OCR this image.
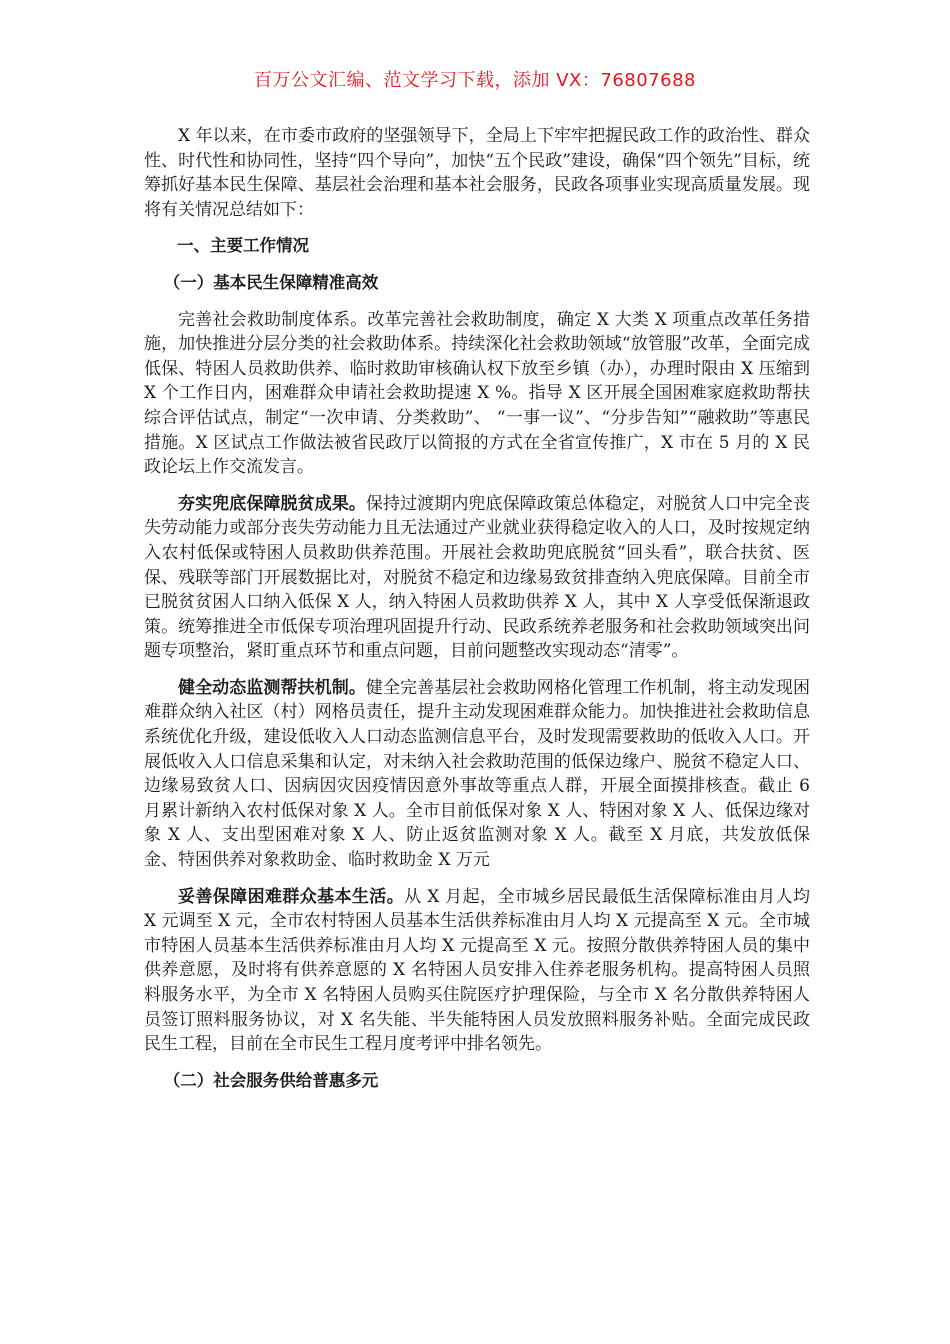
百万公文汇编、范文学习下载，添加 VX：76807688

X 年以来，在市委市政府的坚强领导下，全局上下牢牢把握民政工作的政治性、群众性、时代性和协同性，坚持“四个导向”，加快“五个民政”建设，确保“四个领先”目标，统筹抓好基本民生保障、基层社会治理和基本社会服务，民政各项事业实现高质量发展。现将有关情况总结如下：

一、主要工作情况

（一）基本民生保障精准高效

完善社会救助制度体系。改革完善社会救助制度，确定 X 大类 X 项重点改革任务措施，加快推进分层分类的社会救助体系。持续深化社会救助领域“放管服”改革，全面完成低保、特困人员救助供养、临时救助审核确认权下放至乡镇（办），办理时限由 X 压缩到 X 个工作日内，困难群众申请社会救助提速 X %。指导 X 区开展全国困难家庭救助帮扶综合评估试点，制定“一次申请、分类救助”、 “一事一议”、“分步告知”“融救助”等惠民措施。X 区试点工作做法被省民政厅以简报的方式在全省宣传推广，X 市在 5 月的 X 民政论坛上作交流发言。

夯实兜底保障脱贫成果。保持过渡期内兜底保障政策总体稳定，对脱贫人口中完全丧失劳动能力或部分丧失劳动能力且无法通过产业就业获得稳定收入的人口，及时按规定纳入农村低保或特困人员救助供养范围。开展社会救助兜底脱贫“回头看”，联合扶贫、医保、残联等部门开展数据比对，对脱贫不稳定和边缘易致贫排查纳入兜底保障。目前全市已脱贫贫困人口纳入低保 X 人，纳入特困人员救助供养 X 人，其中 X 人享受低保渐退政策。统筹推进全市低保专项治理巩固提升行动、民政系统养老服务和社会救助领域突出问题专项整治，紧盯重点环节和重点问题，目前问题整改实现动态“清零”。

健全动态监测帮扶机制。健全完善基层社会救助网格化管理工作机制，将主动发现困难群众纳入社区（村）网格员责任，提升主动发现困难群众能力。加快推进社会救助信息系统优化升级，建设低收入人口动态监测信息平台，及时发现需要救助的低收入人口。开展低收入人口信息采集和认定，对未纳入社会救助范围的低保边缘户、脱贫不稳定人口、边缘易致贫人口、因病因灾因疫情因意外事故等重点人群，开展全面摸排核查。截止 6 月累计新纳入农村低保对象 X 人。全市目前低保对象 X 人、特困对象 X 人、低保边缘对象 X 人、支出型困难对象 X 人、防止返贫监测对象 X 人。截至 X 月底，共发放低保金、特困供养对象救助金、临时救助金 X 万元

妥善保障困难群众基本生活。从 X 月起，全市城乡居民最低生活保障标准由月人均 X 元调至 X 元，全市农村特困人员基本生活供养标准由月人均 X 元提高至 X 元。全市城市特困人员基本生活供养标准由月人均 X 元提高至 X 元。按照分散供养特困人员的集中供养意愿，及时将有供养意愿的 X 名特困人员安排入住养老服务机构。提高特困人员照料服务水平，为全市 X 名特困人员购买住院医疗护理保险，与全市 X 名分散供养特困人员签订照料服务协议，对 X 名失能、半失能特困人员发放照料服务补贴。全面完成民政民生工程，目前在全市民生工程月度考评中排名领先。

（二）社会服务供给普惠多元
